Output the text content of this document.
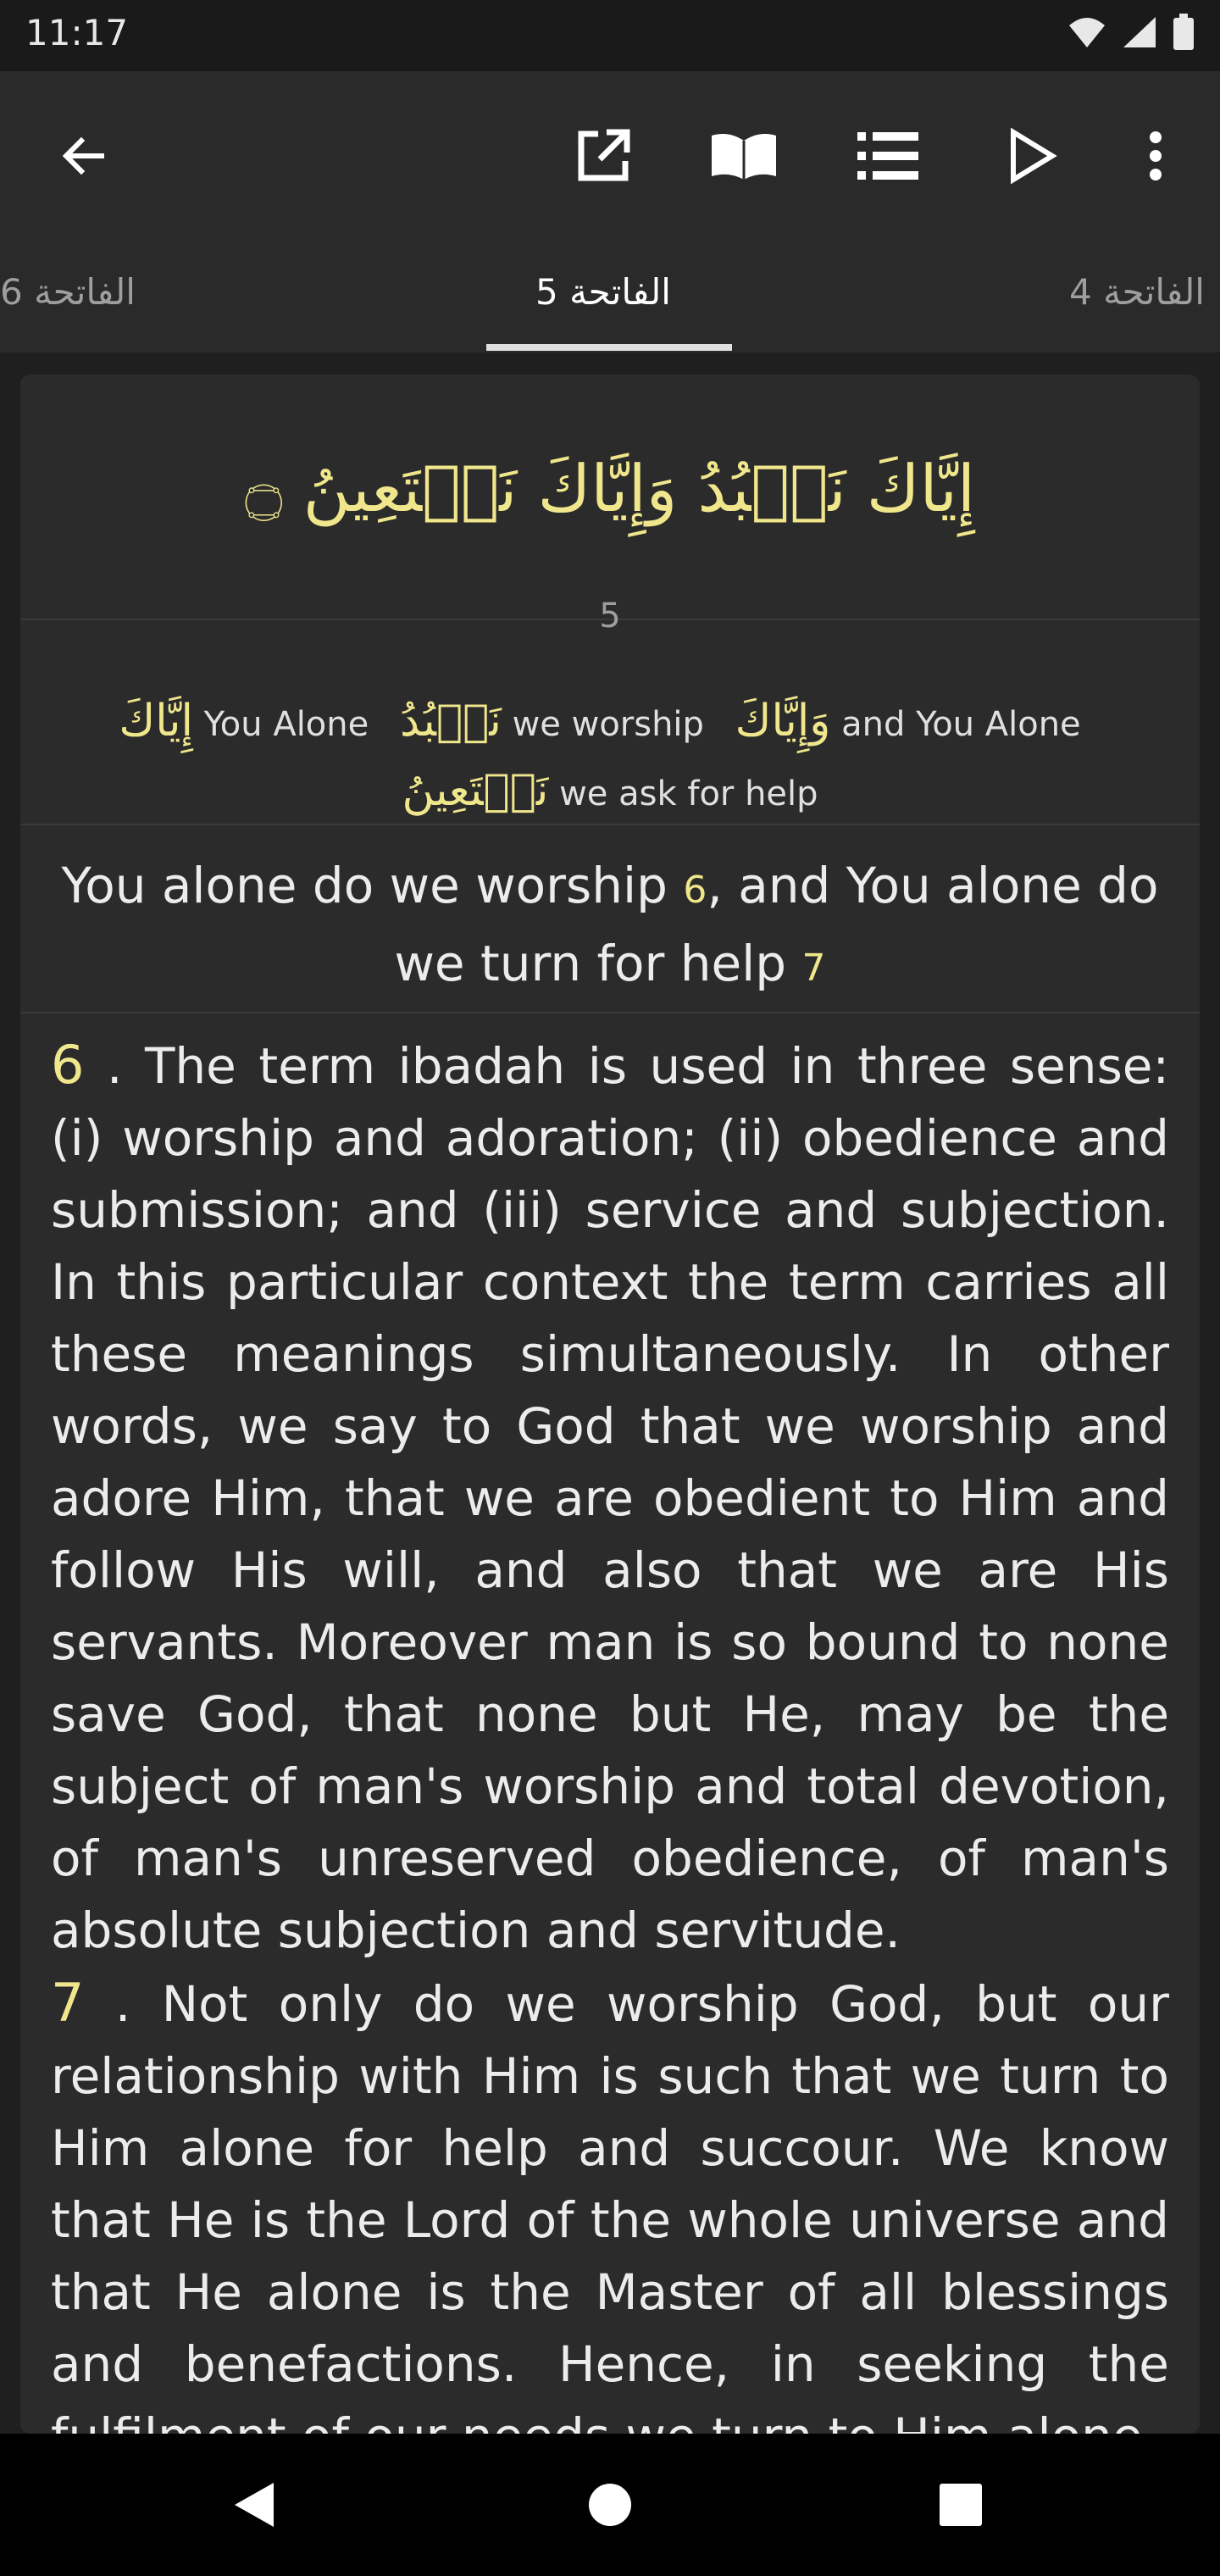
11:17
الفاتحة 6	الفاتحة 5	الفاتحة 4
إِيَّاكَ نَعۡبُدُ وَإِيَّاكَ نَسۡتَعِينُ ۝
5
إِيَّاكَ You Alone نَعۡبُدُ we worship وَإِيَّاكَ and You Alone نَسۡتَعِينُ we ask for help
You alone do we worship 6, and You alone do we turn for help 7

6 . The term ibadah is used in three sense: (i) worship and adoration; (ii) obedience and submission; and (iii) service and subjection. In this particular context the term carries all these meanings simultaneously. In other words, we say to God that we worship and adore Him, that we are obedient to Him and follow His will, and also that we are His servants. Moreover man is so bound to none save God, that none but He, may be the subject of man's worship and total devotion, of man's unreserved obedience, of man's absolute subjection and servitude.

7 . Not only do we worship God, but our relationship with Him is such that we turn to Him alone for help and succour. We know that He is the Lord of the whole universe and that He alone is the Master of all blessings and benefactions. Hence, in seeking the
